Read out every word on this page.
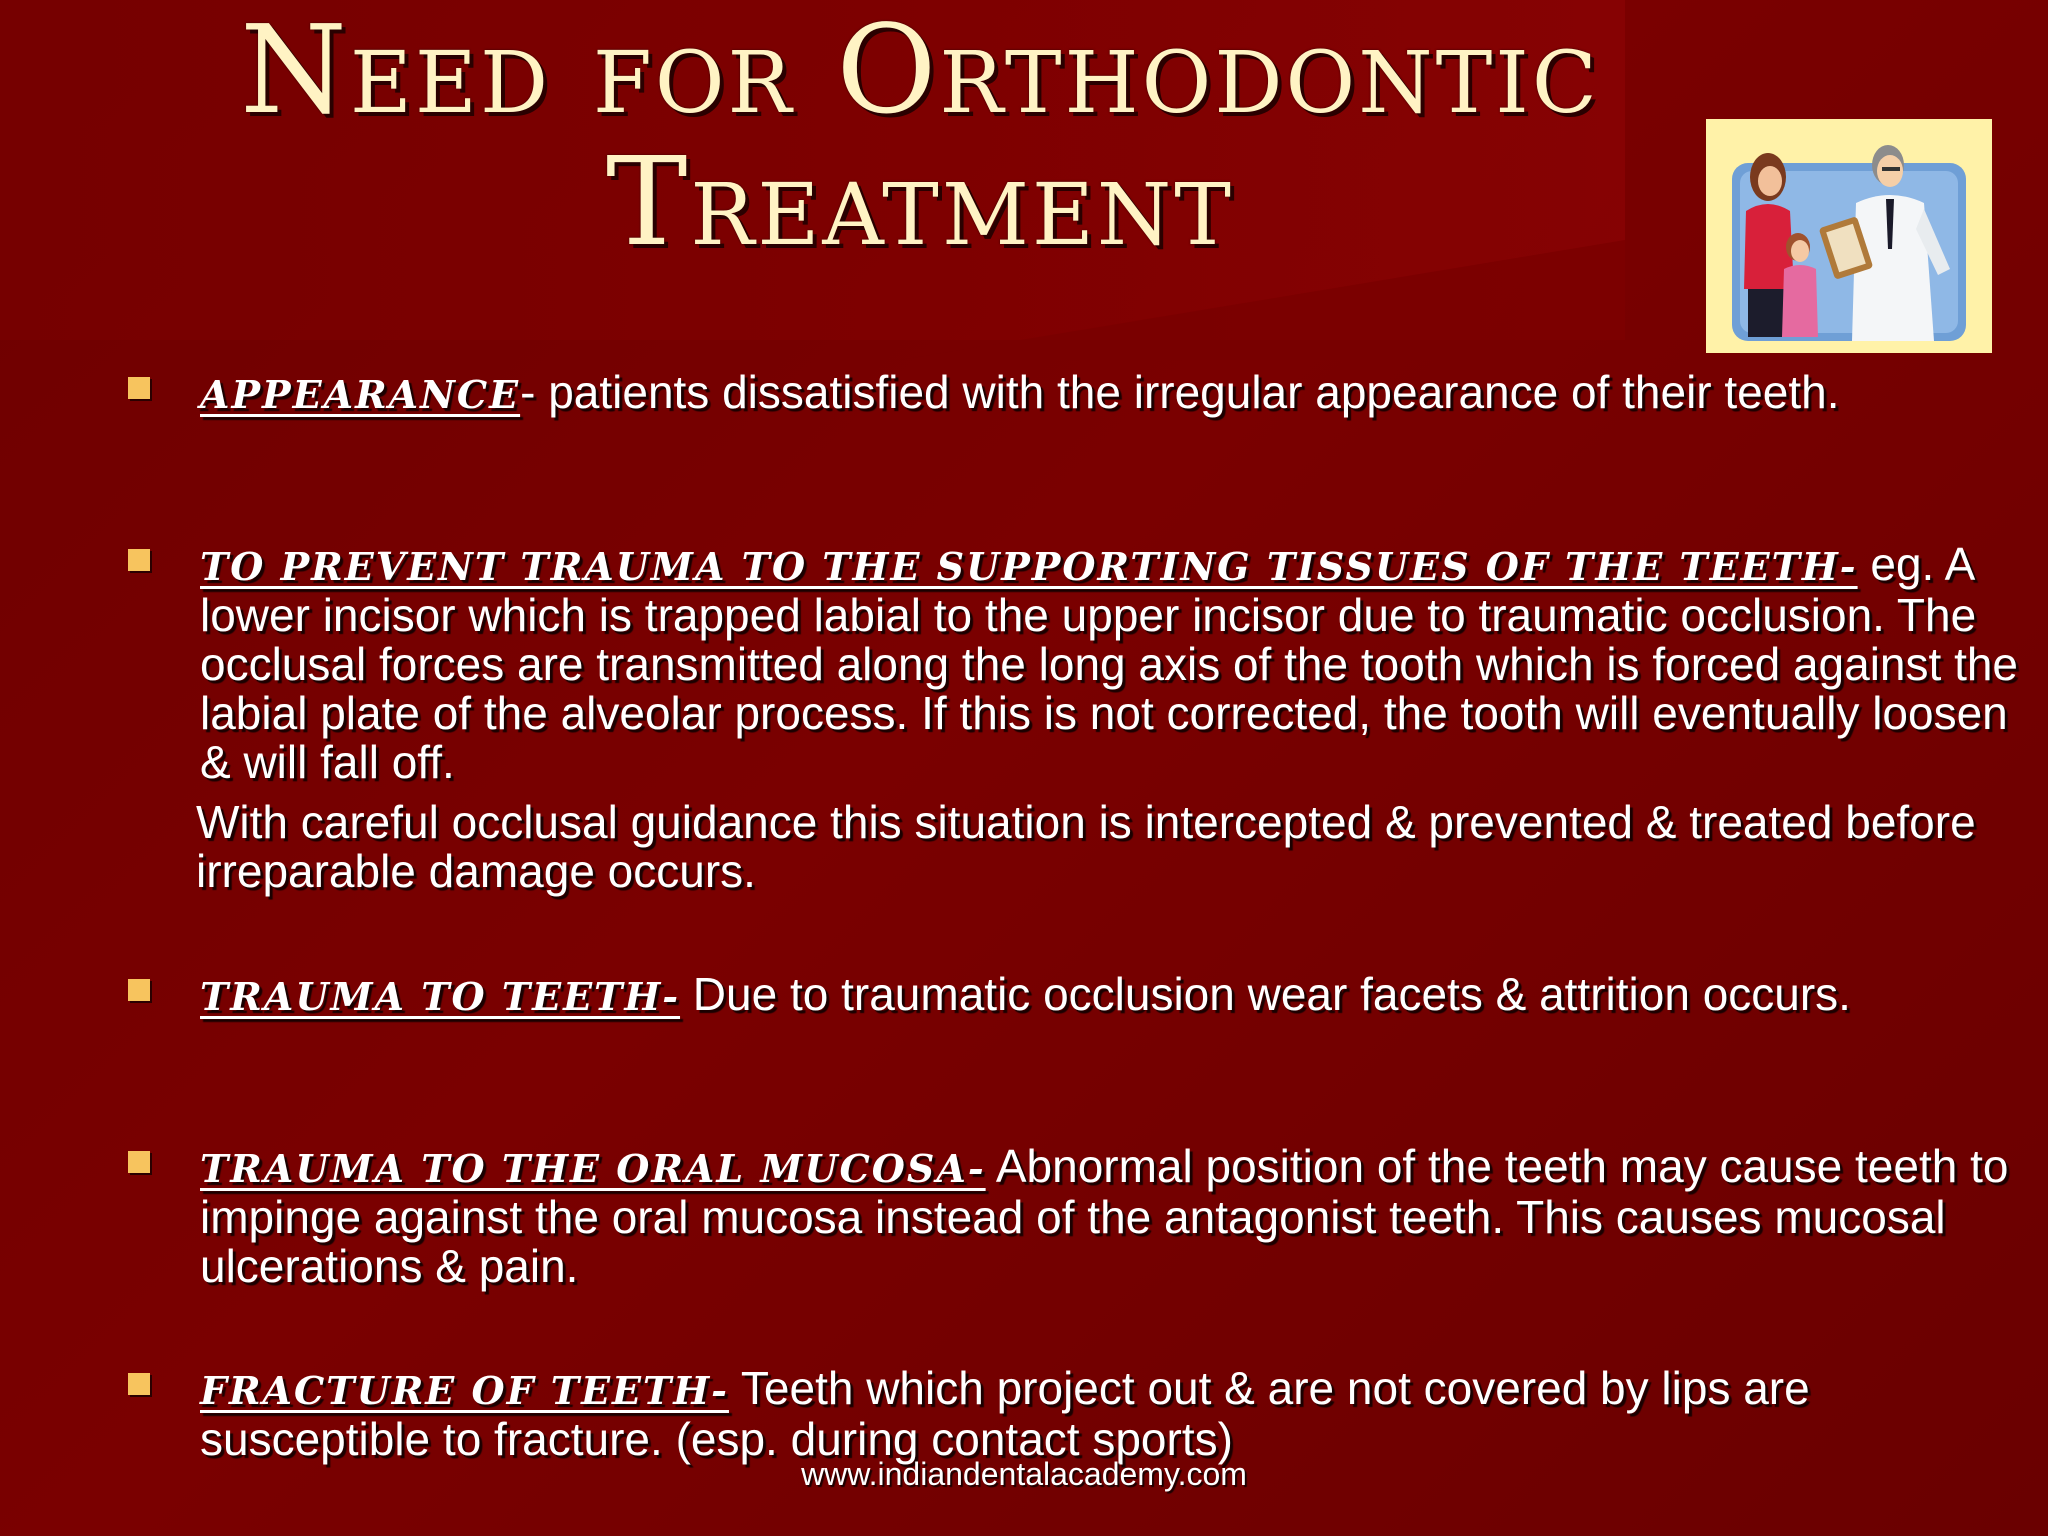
Need for Orthodontic
Treatment
APPEARANCE- patients dissatisfied with the irregular appearance of their teeth.
TO PREVENT TRAUMA TO THE SUPPORTING TISSUES OF THE TEETH- eg. A lower incisor which is trapped labial to the upper incisor due to traumatic occlusion. The occlusal forces are transmitted along the long axis of the tooth which is forced against the labial plate of the alveolar process. If this is not corrected, the tooth will eventually loosen & will fall off.
With careful occlusal guidance this situation is intercepted & prevented & treated before irreparable damage occurs.
TRAUMA TO TEETH- Due to traumatic occlusion wear facets & attrition occurs.
TRAUMA TO THE ORAL MUCOSA- Abnormal position of the teeth may cause teeth to impinge against the oral mucosa instead of the antagonist teeth. This causes mucosal ulcerations & pain.
FRACTURE OF TEETH- Teeth which project out & are not covered by lips are susceptible to fracture. (esp. during contact sports)
www.indiandentalacademy.com
